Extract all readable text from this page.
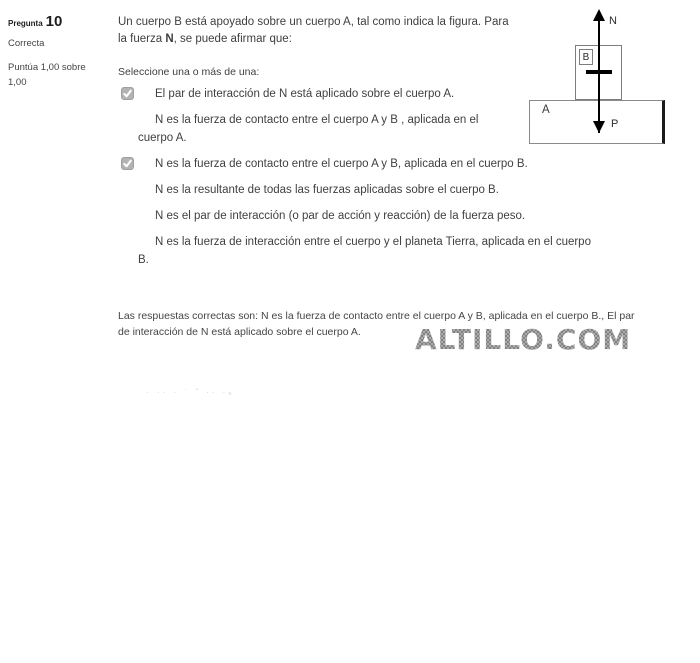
Pregunta 10
Correcta
Puntúa 1,00 sobre 1,00
Un cuerpo B está apoyado sobre un cuerpo A, tal como indica la figura. Para
la fuerza N, se puede afirmar que:
Seleccione una o más de una:
El par de interacción de N está aplicado sobre el cuerpo A.
N es la fuerza de contacto entre el cuerpo A y B , aplicada en el
cuerpo A.
N es la fuerza de contacto entre el cuerpo A y B, aplicada en el cuerpo B.
N es la resultante de todas las fuerzas aplicadas sobre el cuerpo B.
N es el par de interacción (o par de acción y reacción) de la fuerza peso.
N es la fuerza de interacción entre el cuerpo y el planeta Tierra, aplicada en el cuerpo
B.
Las respuestas correctas son: N es la fuerza de contacto entre el cuerpo A y B, aplicada en el cuerpo B., El par
de interacción de N está aplicado sobre el cuerpo A.
A
B
N
P
ALTILLO.COM
· ·· · ˙ ˝ ·· ·ₕ
